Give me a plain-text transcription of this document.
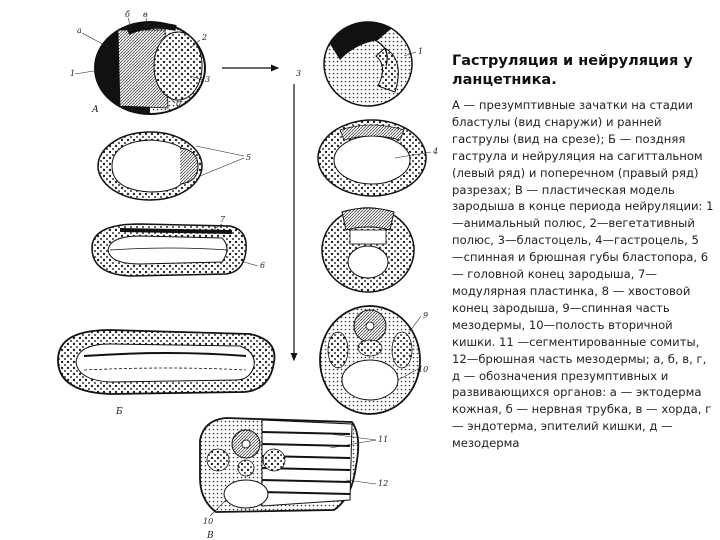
а
б в
2
1
3
д
А
3
1
5
4
7
6
Б
9
10
11
12
10
В

Гаструляция и нейруляция у ланцетника.

А — презумптивные зачатки на стадии бластулы (вид снаружи) и ранней гаструлы (вид на срезе); Б — поздняя гаструла и нейруляция на сагиттальном (левый ряд) и поперечном (правый ряд) разрезах; В — пластическая модель зародыша в конце периода нейруляции: 1—анимальный полюс, 2—вегетативный полюс, 3—бластоцель, 4—гастроцель, 5 —спинная и брюшная губы бластопора, 6 — головной конец зародыша, 7— модулярная пластинка, 8 — хвостовой конец зародыша, 9—спинная часть мезодермы, 10—полость вторичной кишки. 11 —сегментированные сомиты, 12—брюшная часть мезодермы; а, б, в, г, д — обозначения презумптивных и развивающихся органов: а — эктодерма кожная, б — нервная трубка, в — хорда, г — эндотерма, эпителий кишки, д — мезодерма
